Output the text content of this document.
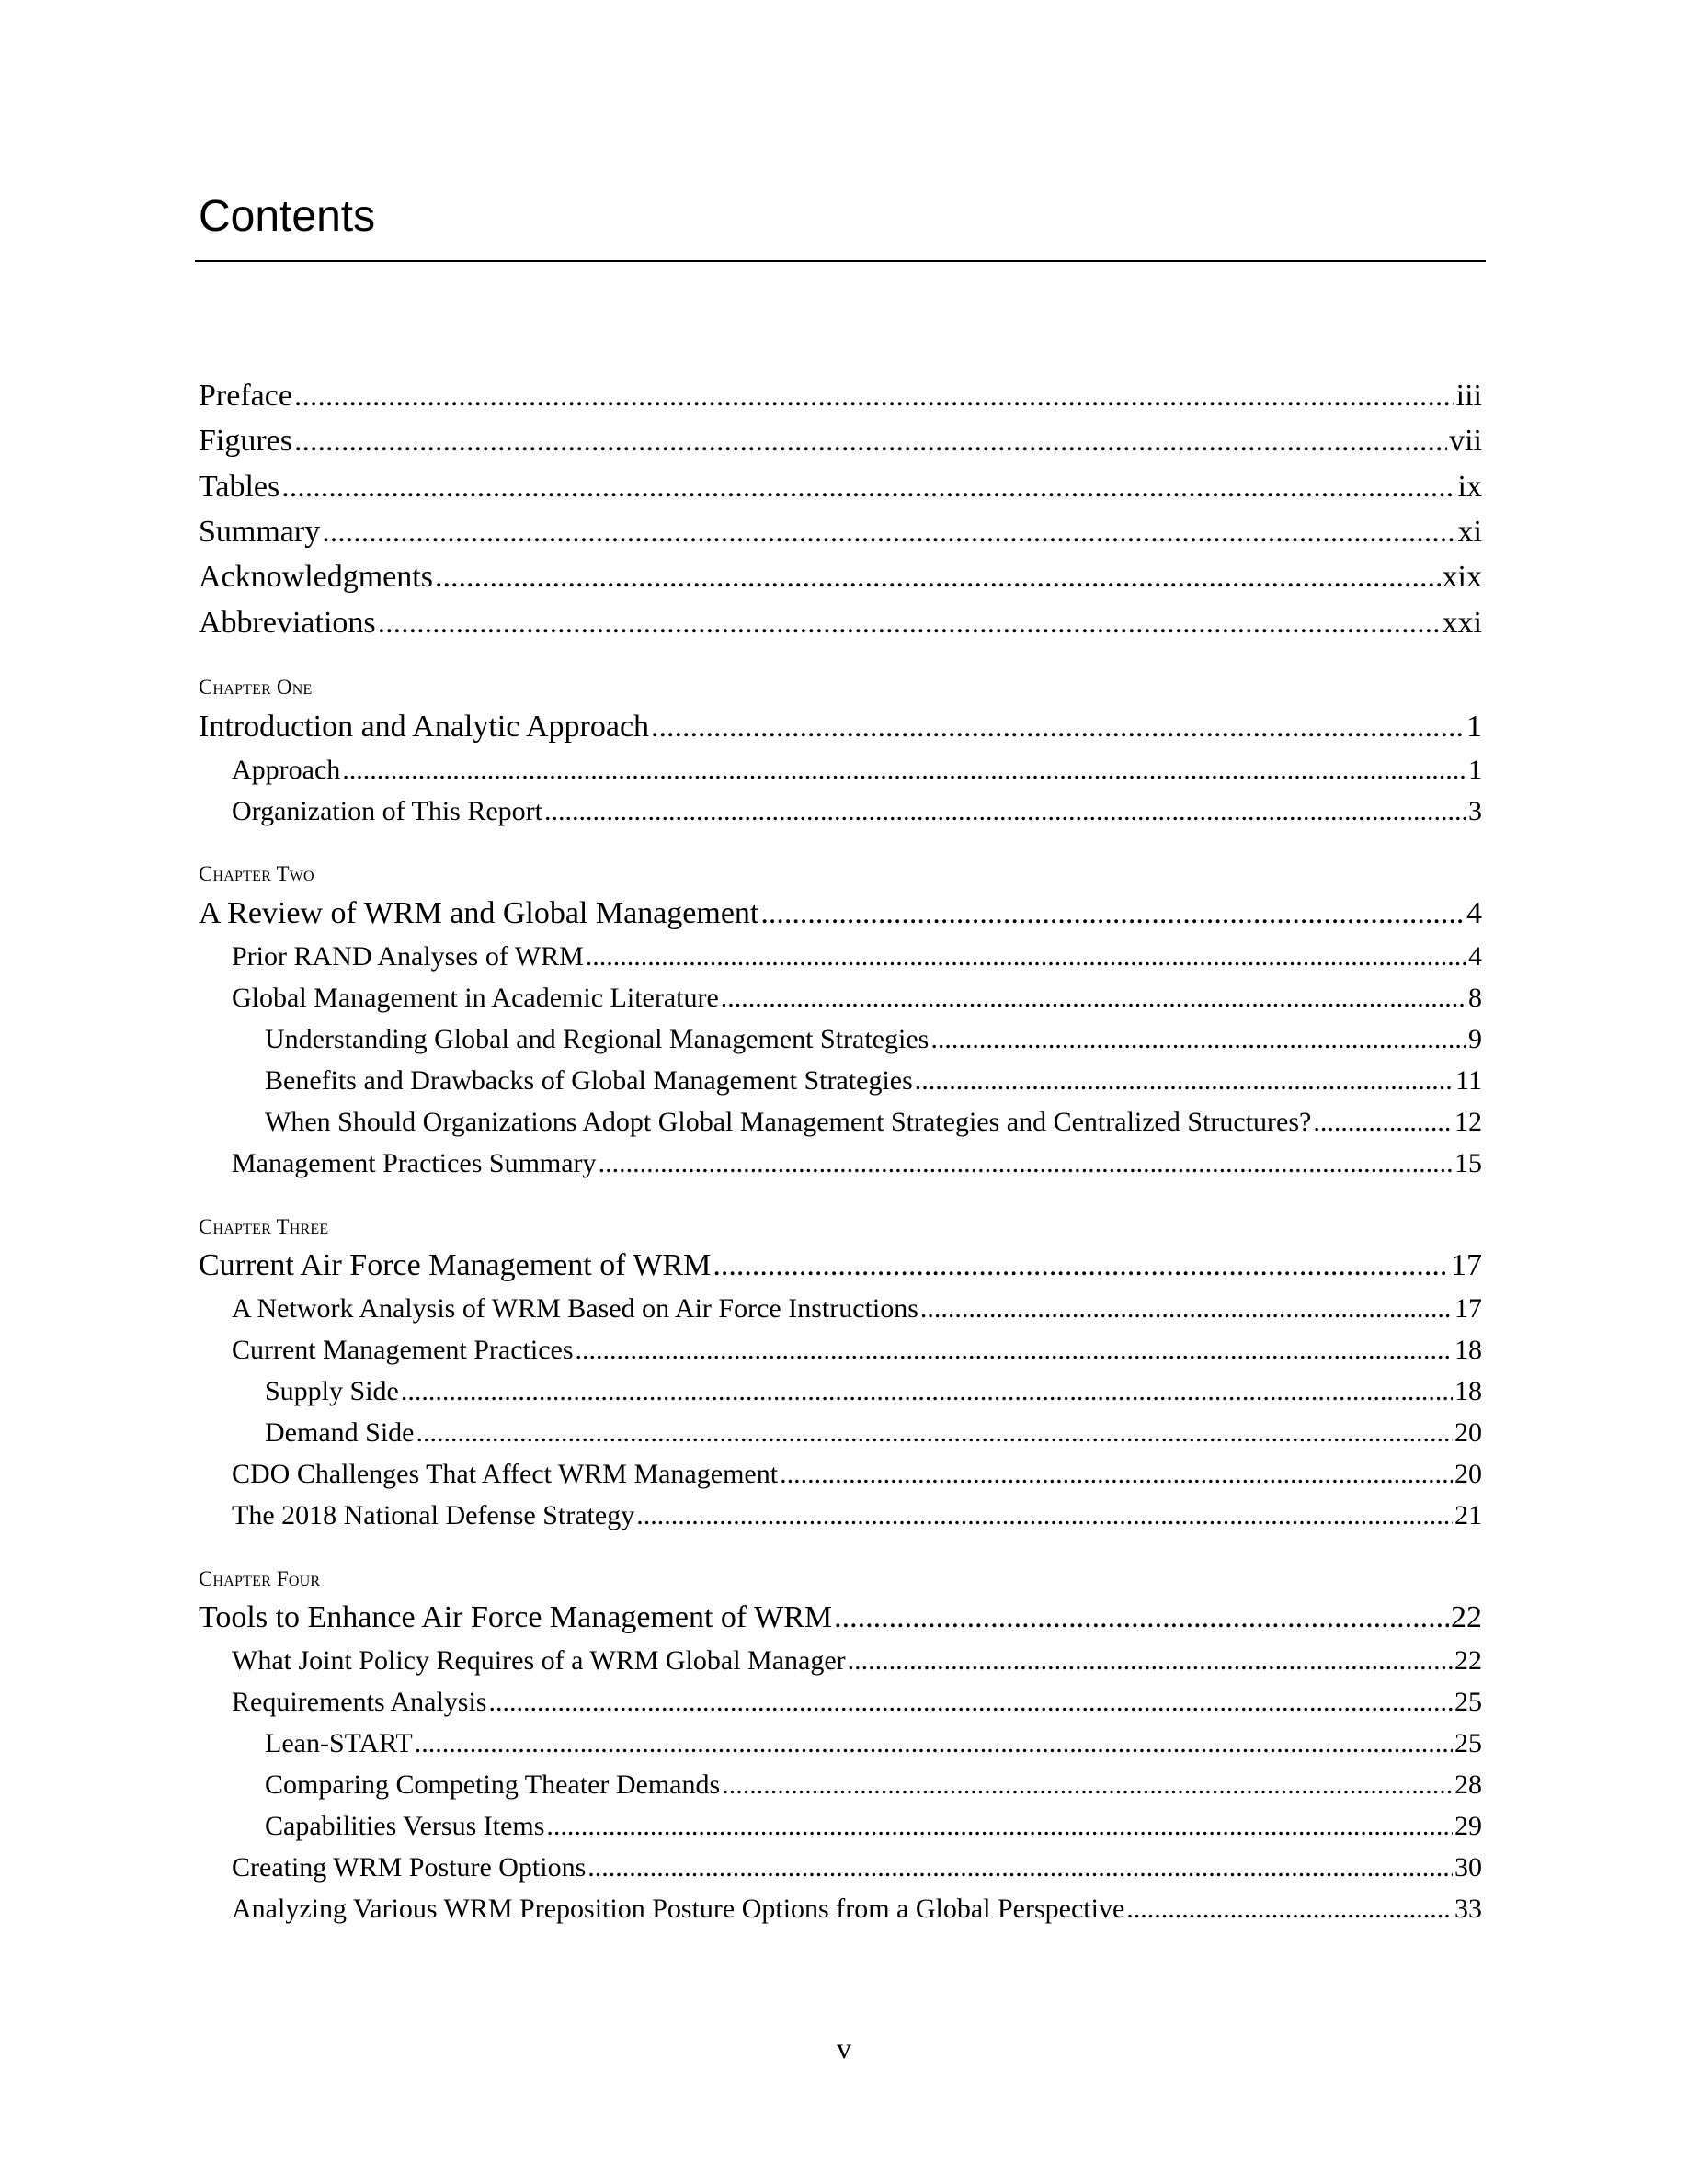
Contents
Preface .....	iii
Figures .....	vii
Tables .....	ix
Summary .....	xi
Acknowledgments .....	xix
Abbreviations .....	xxi
Chapter One
Introduction and Analytic Approach .....	1
Approach .....	1
Organization of This Report .....	3
Chapter Two
A Review of WRM and Global Management .....	4
Prior RAND Analyses of WRM .....	4
Global Management in Academic Literature .....	8
Understanding Global and Regional Management Strategies .....	9
Benefits and Drawbacks of Global Management Strategies .....	11
When Should Organizations Adopt Global Management Strategies and Centralized Structures? .....	12
Management Practices Summary .....	15
Chapter Three
Current Air Force Management of WRM .....	17
A Network Analysis of WRM Based on Air Force Instructions .....	17
Current Management Practices .....	18
Supply Side .....	18
Demand Side .....	20
CDO Challenges That Affect WRM Management .....	20
The 2018 National Defense Strategy .....	21
Chapter Four
Tools to Enhance Air Force Management of WRM .....	22
What Joint Policy Requires of a WRM Global Manager .....	22
Requirements Analysis .....	25
Lean-START .....	25
Comparing Competing Theater Demands .....	28
Capabilities Versus Items .....	29
Creating WRM Posture Options .....	30
Analyzing Various WRM Preposition Posture Options from a Global Perspective .....	33
v
